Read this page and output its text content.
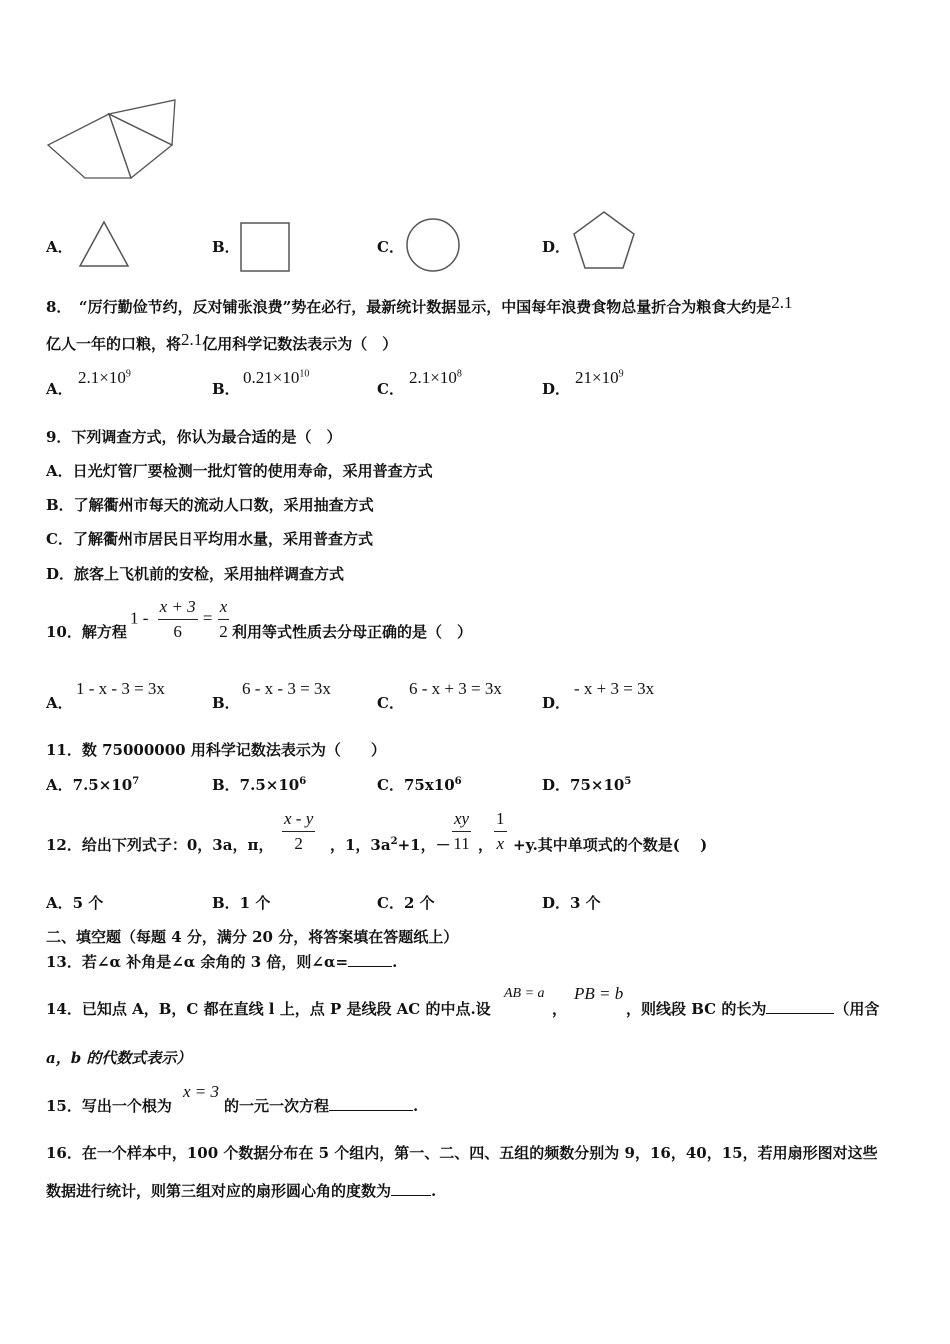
A．	B．	C．	D．
8．　“厉行勤俭节约，反对铺张浪费”势在必行，最新统计数据显示，中国每年浪费食物总量折合为粮食大约是2.1
亿人一年的口粮，将2.1亿用科学记数法表示为（　）
A．
$2.1\times 10^9$
B．
$0.21\times 10^{10}$
C．
$2.1\times 10^8$
D．
$21\times 10^9$
9．下列调查方式，你认为最合适的是（　）
A．日光灯管厂要检测一批灯管的使用寿命，采用普查方式
B．了解衢州市每天的流动人口数，采用抽查方式
C．了解衢州市居民日平均用水量，采用普查方式
D．旅客上飞机前的安检，采用抽样调查方式
10．解方程
$1 - \frac{x + 3}{6} = \frac{x}{2}$ 利用等式性质去分母正确的是（　）
A．
1 - x - 3 = 3x
B．
6 - x - 3 = 3x
C．
6 - x + 3 = 3x
D．
- x + 3 = 3x
11．数 75000000 用科学记数法表示为（　　）
A．$7.5\times 10^7$	B．$7.5\times 10^6$	C．$75x10^6$	D．$75\times 10^5$
12．给出下列式子：0，3a，π， $\frac{x - y}{2}$ ，1，$3a^2+1$，－ $\frac{xy}{11}$ ， $\frac{1}{x} +y$.其中单项式的个数是(　 )
A．5 个	B．1 个	C．2 个	D．3 个
二、填空题（每题 4 分，满分 20 分，将答案填在答题纸上）
13．若∠α 补角是∠α 余角的 3 倍，则∠α=	.
14．已知点 A，B，C 都在直线 l 上，点 P 是线段 AC 的中点.设
AB = a
，
PB = b
，则线段 BC 的长为	（用含
a，b 的代数式表示）
15．写出一个根为
x = 3
的一元一次方程	.
16．在一个样本中，100 个数据分布在 5 个组内，第一、二、四、五组的频数分别为 9，16，40，15，若用扇形图对这些
数据进行统计，则第三组对应的扇形圆心角的度数为	.
